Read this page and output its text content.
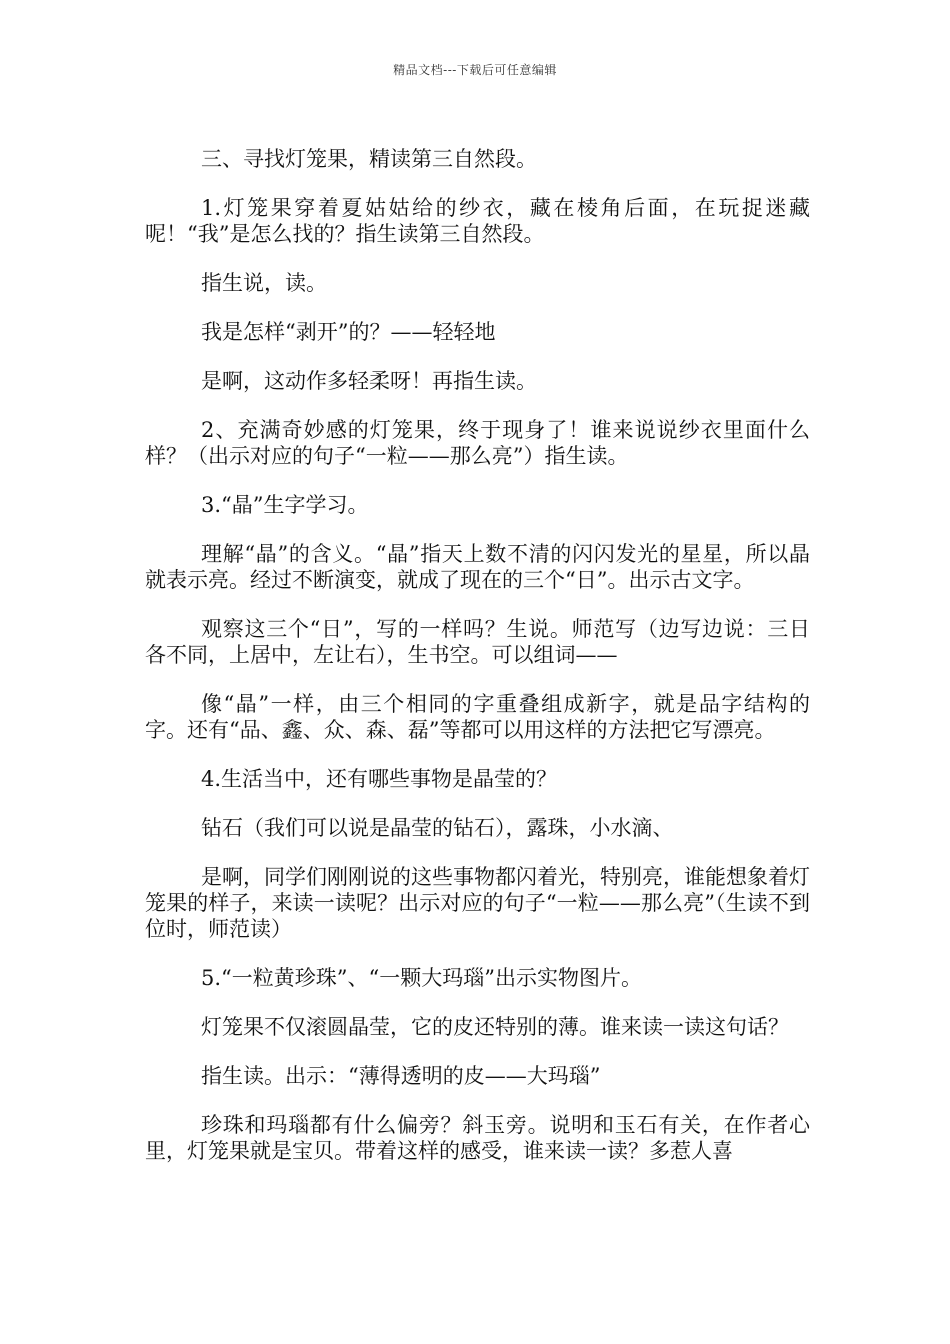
精品文档---下载后可任意编辑

三、寻找灯笼果，精读第三自然段。

1.灯笼果穿着夏姑姑给的纱衣，藏在棱角后面，在玩捉迷藏呢！“我”是怎么找的？指生读第三自然段。

指生说，读。

我是怎样“剥开”的？——轻轻地

是啊，这动作多轻柔呀！再指生读。

2、充满奇妙感的灯笼果，终于现身了！谁来说说纱衣里面什么样？（出示对应的句子“一粒——那么亮”）指生读。

3.“晶”生字学习。

理解“晶”的含义。“晶”指天上数不清的闪闪发光的星星，所以晶就表示亮。经过不断演变，就成了现在的三个“日”。出示古文字。

观察这三个“日”，写的一样吗？生说。师范写（边写边说：三日各不同，上居中，左让右），生书空。可以组词——

像“晶”一样，由三个相同的字重叠组成新字，就是品字结构的字。还有“品、鑫、众、森、磊”等都可以用这样的方法把它写漂亮。

4.生活当中，还有哪些事物是晶莹的？

钻石（我们可以说是晶莹的钻石），露珠，小水滴、

是啊，同学们刚刚说的这些事物都闪着光，特别亮，谁能想象着灯笼果的样子，来读一读呢？出示对应的句子“一粒——那么亮”（生读不到位时，师范读）

5.“一粒黄珍珠”、“一颗大玛瑙”出示实物图片。

灯笼果不仅滚圆晶莹，它的皮还特别的薄。谁来读一读这句话？

指生读。出示：“薄得透明的皮——大玛瑙”

珍珠和玛瑙都有什么偏旁？斜玉旁。说明和玉石有关，在作者心里，灯笼果就是宝贝。带着这样的感受，谁来读一读？多惹人喜
